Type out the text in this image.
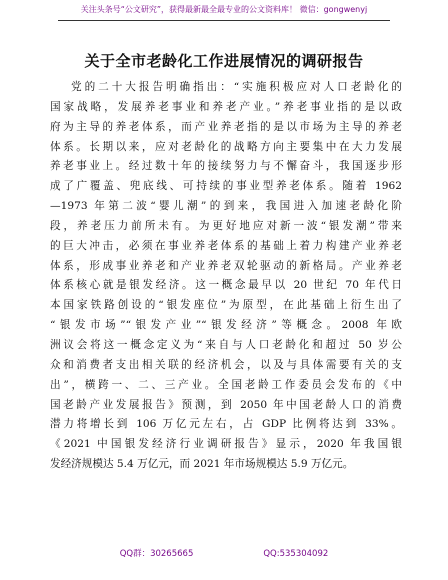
关注头条号“公文研究”，获得最新最全最专业的公文资料库！ 微信：gongwenyj
关于全市老龄化工作进展情况的调研报告
党的二十大报告明确指出：“实施积极应对人口老龄化的
国家战略，发展养老事业和养老产业。”养老事业指的是以政
府为主导的养老体系，而产业养老指的是以市场为主导的养老
体系。长期以来，应对老龄化的战略方向主要集中在大力发展
养老事业上。经过数十年的接续努力与不懈奋斗，我国逐步形
成了广覆盖、兜底线、可持续的事业型养老体系。随着 1962
—1973 年第二波“婴儿潮”的到来，我国进入加速老龄化阶
段，养老压力前所未有。为更好地应对新一波“银发潮”带来
的巨大冲击，必须在事业养老体系的基础上着力构建产业养老
体系，形成事业养老和产业养老双轮驱动的新格局。产业养老
体系核心就是银发经济。这一概念最早以 20 世纪 70 年代日
本国家铁路创设的“银发座位”为原型，在此基础上衍生出了
“银发市场”“银发产业”“银发经济”等概念。2008 年欧
洲议会将这一概念定义为“来自与人口老龄化和超过 50 岁公
众和消费者支出相关联的经济机会，以及与具体需要有关的支
出”，横跨一、二、三产业。全国老龄工作委员会发布的《中
国老龄产业发展报告》预测，到 2050 年中国老龄人口的消费
潜力将增长到 106 万亿元左右，占 GDP 比例将达到 33%。
《2021 中国银发经济行业调研报告》显示，2020 年我国银
发经济规模达 5.4 万亿元，而 2021 年市场规模达 5.9 万亿元。
QQ群：30265665	QQ:535304092
